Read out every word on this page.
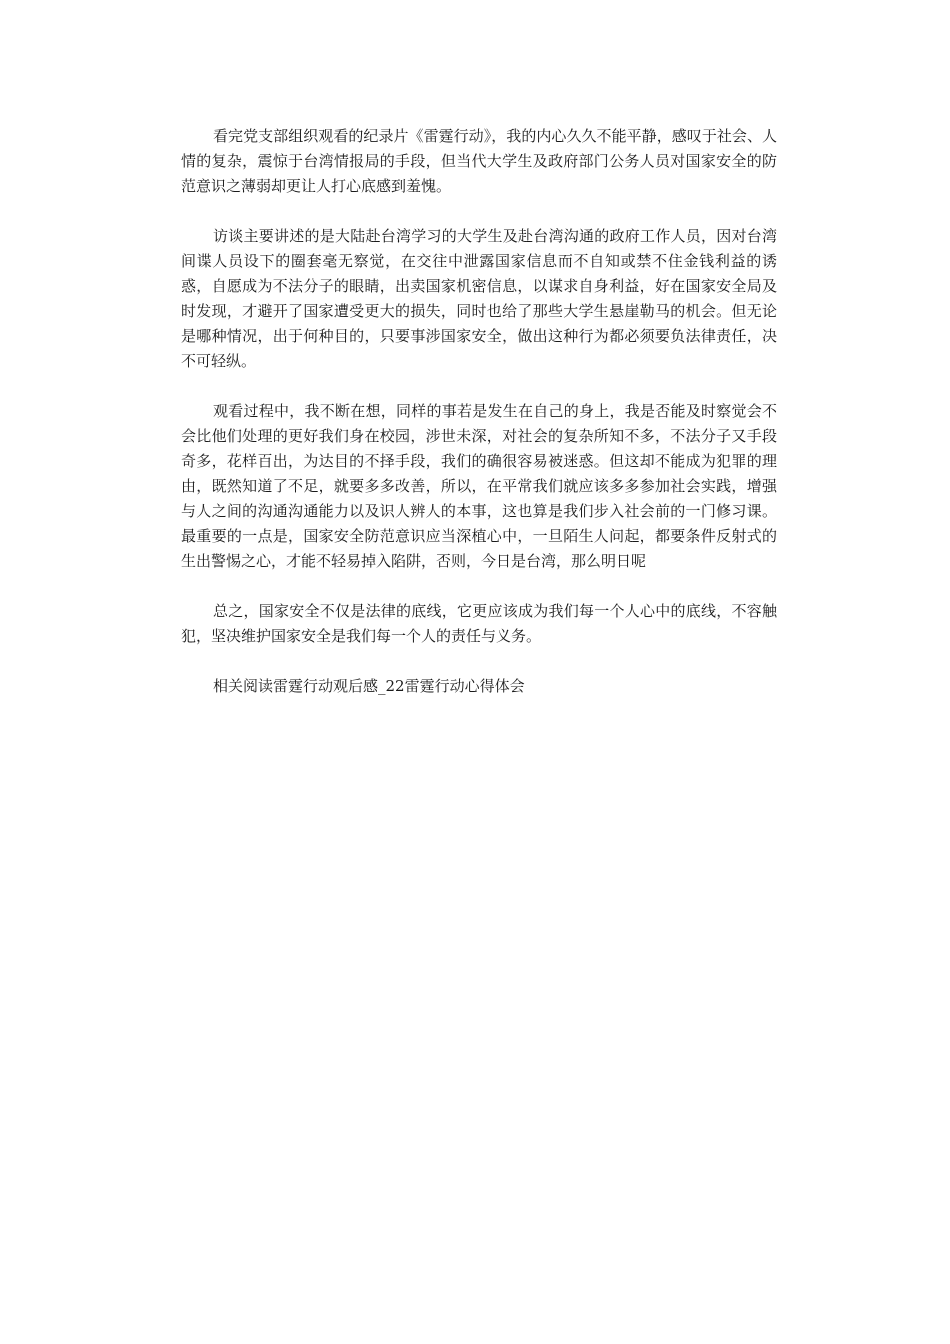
看完党支部组织观看的纪录片《雷霆行动》，我的内心久久不能平静，感叹于社会、人情的复杂，震惊于台湾情报局的手段，但当代大学生及政府部门公务人员对国家安全的防范意识之薄弱却更让人打心底感到羞愧。

访谈主要讲述的是大陆赴台湾学习的大学生及赴台湾沟通的政府工作人员，因对台湾间谍人员设下的圈套毫无察觉，在交往中泄露国家信息而不自知或禁不住金钱利益的诱惑，自愿成为不法分子的眼睛，出卖国家机密信息，以谋求自身利益，好在国家安全局及时发现，才避开了国家遭受更大的损失，同时也给了那些大学生悬崖勒马的机会。但无论是哪种情况，出于何种目的，只要事涉国家安全，做出这种行为都必须要负法律责任，决不可轻纵。

观看过程中，我不断在想，同样的事若是发生在自己的身上，我是否能及时察觉会不会比他们处理的更好我们身在校园，涉世未深，对社会的复杂所知不多，不法分子又手段奇多，花样百出，为达目的不择手段，我们的确很容易被迷惑。但这却不能成为犯罪的理由，既然知道了不足，就要多多改善，所以，在平常我们就应该多多参加社会实践，增强与人之间的沟通沟通能力以及识人辨人的本事，这也算是我们步入社会前的一门修习课。最重要的一点是，国家安全防范意识应当深植心中，一旦陌生人问起，都要条件反射式的生出警惕之心，才能不轻易掉入陷阱，否则，今日是台湾，那么明日呢

总之，国家安全不仅是法律的底线，它更应该成为我们每一个人心中的底线，不容触犯，坚决维护国家安全是我们每一个人的责任与义务。

相关阅读雷霆行动观后感_22雷霆行动心得体会
